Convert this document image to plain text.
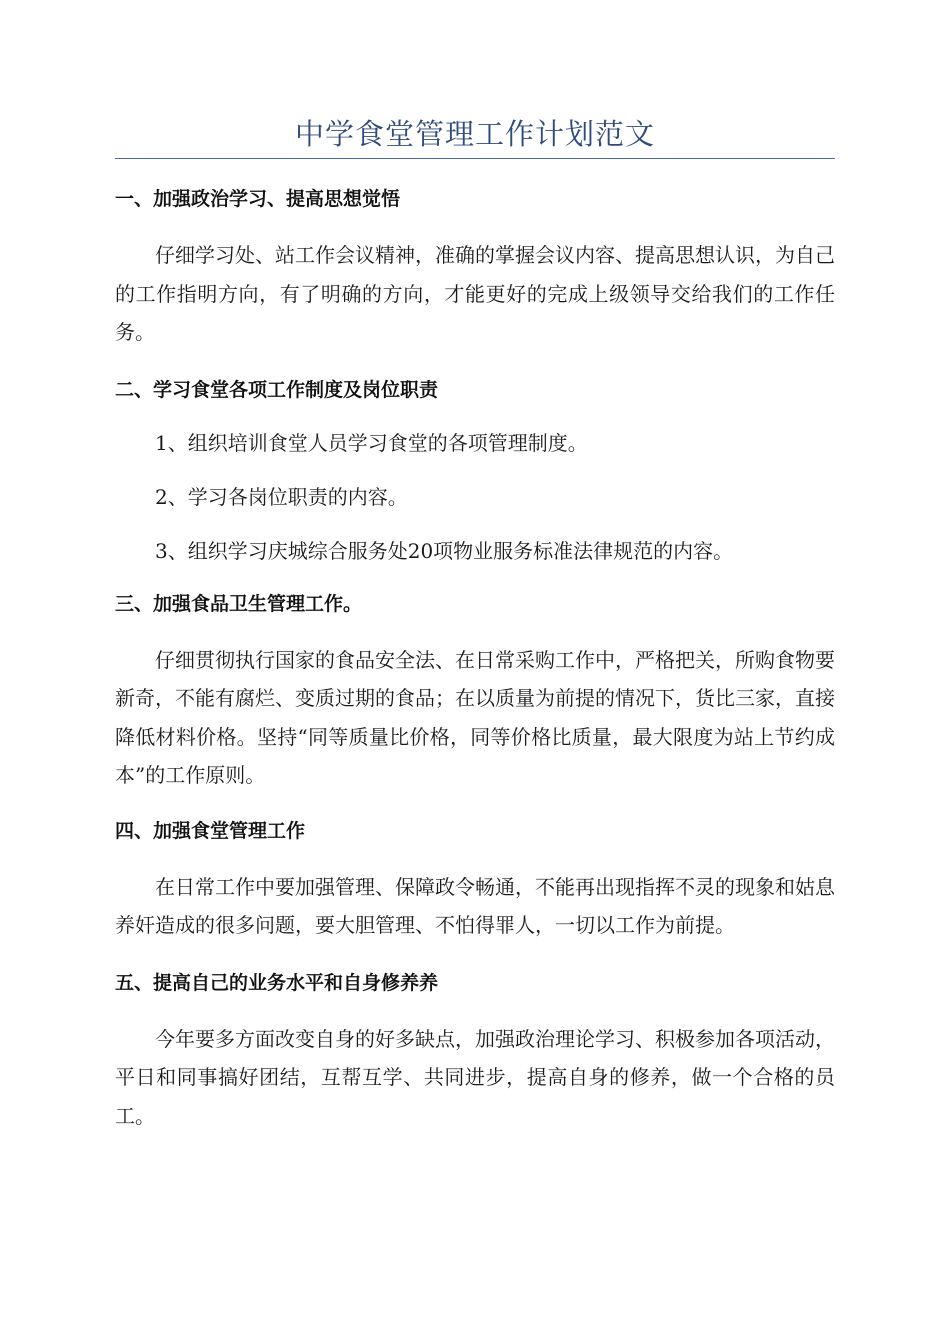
中学食堂管理工作计划范文

一、加强政治学习、提高思想觉悟

仔细学习处、站工作会议精神，准确的掌握会议内容、提高思想认识，为自己的工作指明方向，有了明确的方向，才能更好的完成上级领导交给我们的工作任务。

二、学习食堂各项工作制度及岗位职责

1、组织培训食堂人员学习食堂的各项管理制度。

2、学习各岗位职责的内容。

3、组织学习庆城综合服务处20项物业服务标准法律规范的内容。

三、加强食品卫生管理工作。

仔细贯彻执行国家的食品安全法、在日常采购工作中，严格把关，所购食物要新奇，不能有腐烂、变质过期的食品；在以质量为前提的情况下，货比三家，直接降低材料价格。坚持“同等质量比价格，同等价格比质量，最大限度为站上节约成本”的工作原则。

四、加强食堂管理工作

在日常工作中要加强管理、保障政令畅通，不能再出现指挥不灵的现象和姑息养奸造成的很多问题，要大胆管理、不怕得罪人，一切以工作为前提。

五、提高自己的业务水平和自身修养养

今年要多方面改变自身的好多缺点，加强政治理论学习、积极参加各项活动，平日和同事搞好团结，互帮互学、共同进步，提高自身的修养，做一个合格的员工。
